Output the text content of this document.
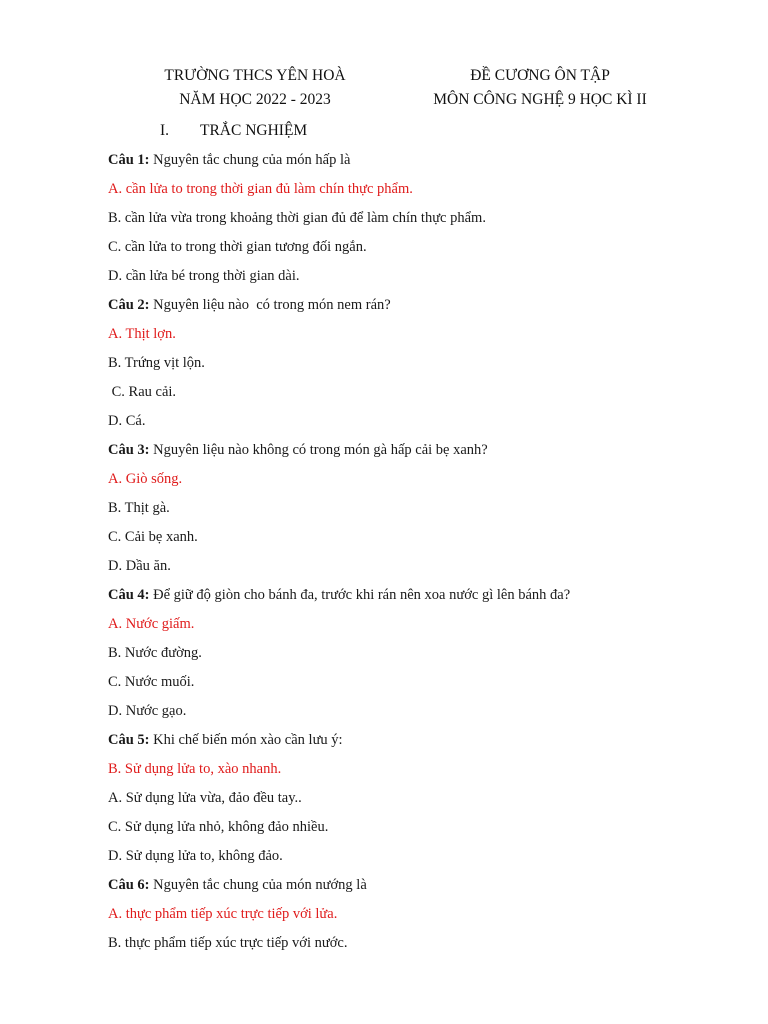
TRƯỜNG THCS YÊN HOÀ
NĂM HỌC 2022 - 2023
ĐỀ CƯƠNG ÔN TẬP
MÔN CÔNG NGHỆ 9 HỌC KÌ II
I. TRẮC NGHIỆM
Câu 1: Nguyên tắc chung của món hấp là
A. cần lửa to trong thời gian đủ làm chín thực phẩm.
B. cần lửa vừa trong khoảng thời gian đủ để làm chín thực phẩm.
C. cần lửa to trong thời gian tương đối ngắn.
D. cần lửa bé trong thời gian dài.
Câu 2: Nguyên liệu nào  có trong món nem rán?
A. Thịt lợn.
B. Trứng vịt lộn.
C. Rau cải.
D. Cá.
Câu 3: Nguyên liệu nào không có trong món gà hấp cải bẹ xanh?
A. Giò sống.
B. Thịt gà.
C. Cải bẹ xanh.
D. Dầu ăn.
Câu 4: Để giữ độ giòn cho bánh đa, trước khi rán nên xoa nước gì lên bánh đa?
A. Nước giấm.
B. Nước đường.
C. Nước muối.
D. Nước gạo.
Câu 5: Khi chế biến món xào cần lưu ý:
B. Sử dụng lửa to, xào nhanh.
A. Sử dụng lửa vừa, đảo đều tay..
C. Sử dụng lửa nhỏ, không đảo nhiều.
D. Sử dụng lửa to, không đảo.
Câu 6: Nguyên tắc chung của món nướng là
A. thực phẩm tiếp xúc trực tiếp với lửa.
B. thực phẩm tiếp xúc trực tiếp với nước.
